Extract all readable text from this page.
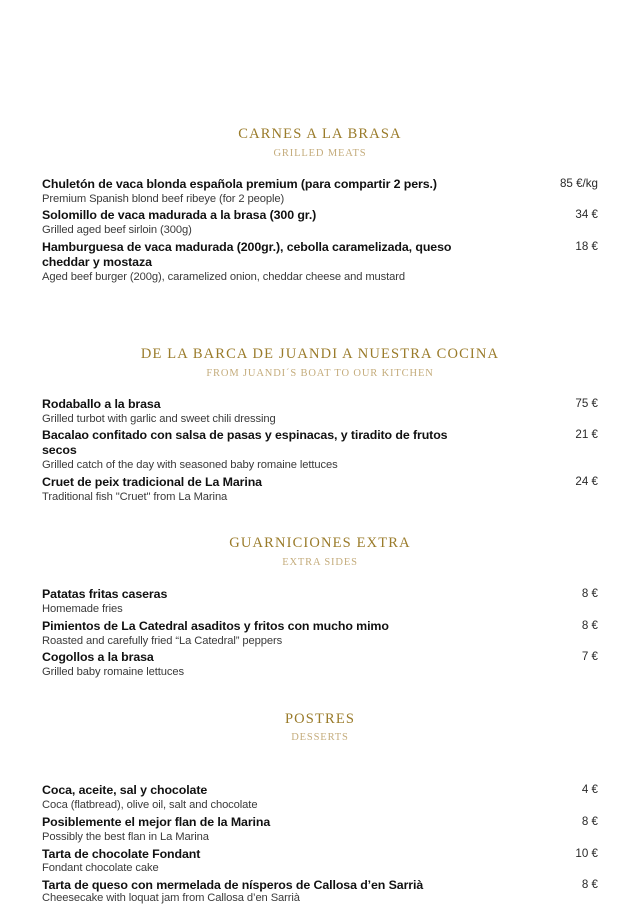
CARNES A LA BRASA
GRILLED MEATS
Chuletón de vaca blonda española premium (para compartir 2 pers.)
Premium Spanish blond beef ribeye (for 2 people)
85 €/kg
Solomillo de vaca madurada a la brasa (300 gr.)
Grilled aged beef sirloin (300g)
34 €
Hamburguesa de vaca madurada (200gr.), cebolla caramelizada, queso cheddar y mostaza
Aged beef burger (200g), caramelized onion, cheddar cheese and mustard
18 €
DE LA BARCA DE JUANDI A NUESTRA COCINA
FROM JUANDI´S BOAT TO OUR KITCHEN
Rodaballo a la brasa
Grilled turbot with garlic and sweet chili dressing
75 €
Bacalao confitado con salsa de pasas y espinacas, y tiradito de frutos secos
Grilled catch of the day with seasoned baby romaine lettuces
21 €
Cruet de peix tradicional de La Marina
Traditional fish "Cruet" from La Marina
24 €
GUARNICIONES EXTRA
EXTRA SIDES
Patatas fritas caseras
Homemade fries
8 €
Pimientos de La Catedral asaditos y fritos con mucho mimo
Roasted and carefully fried “La Catedral” peppers
8 €
Cogollos a la brasa
Grilled baby romaine lettuces
7 €
POSTRES
DESSERTS
Coca, aceite, sal y chocolate
Coca (flatbread), olive oil, salt and chocolate
4 €
Posiblemente el mejor flan de la Marina
Possibly the best flan in La Marina
8 €
Tarta de chocolate Fondant
Fondant chocolate cake
10 €
Tarta de queso con mermelada de nísperos de Callosa d’en Sarrià
Cheesecake with loquat jam from Callosa d’en Sarrià
8 €
